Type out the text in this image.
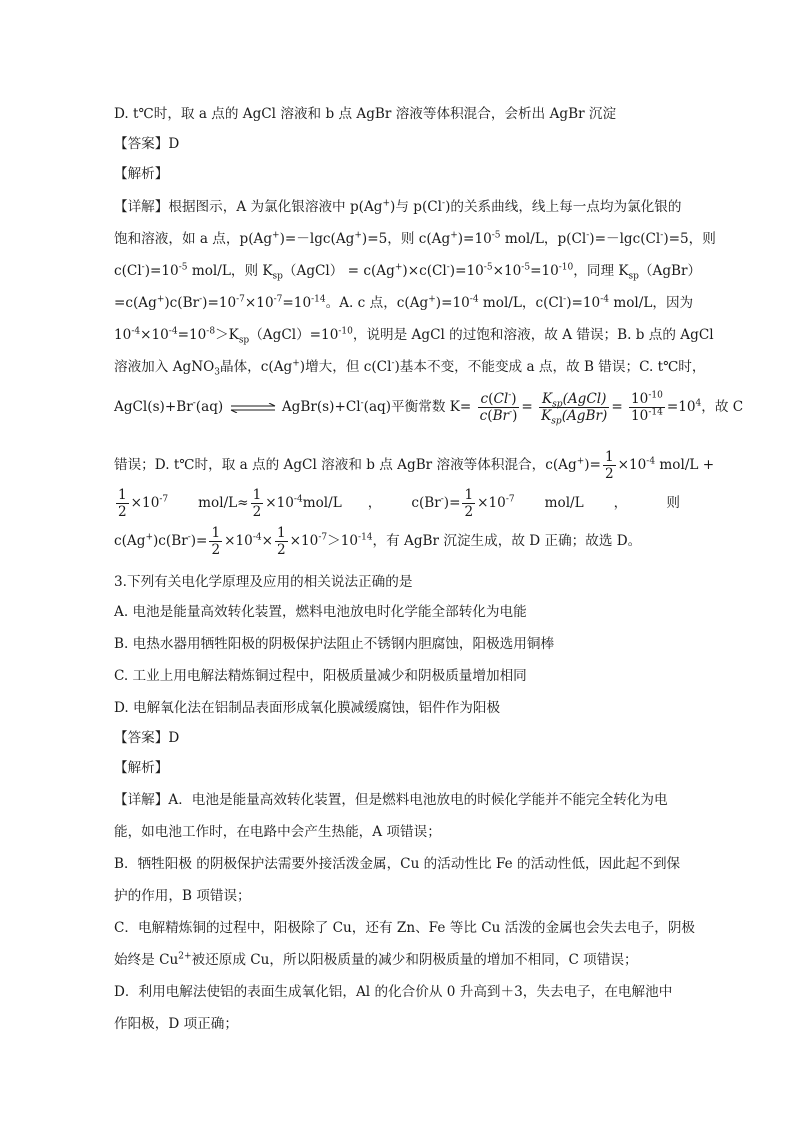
D. t℃时，取 a 点的 AgCl 溶液和 b 点 AgBr 溶液等体积混合，会析出 AgBr 沉淀
【答案】D
【解析】
【详解】根据图示，A 为氯化银溶液中 p(Ag+)与 p(Cl-)的关系曲线，线上每一点均为氯化银的
饱和溶液，如 a 点，p(Ag+)=－lgc(Ag+)=5，则 $c(Ag^+)=10^{-5}$ mol/L，p(Cl-)=－lgc(Cl-)=5，则
$c(Cl^-)=10^{-5}$ mol/L，则 $K_{sp}(AgCl) = c(Ag^+)\times c(Cl^-)=10^{-5}\times 10^{-5}=10^{-10}$，同理 $K_{sp}(AgBr)$
$=c(Ag^+)c(Br^-)=10^{-7}\times 10^{-7}=10^{-14}$。A. c 点，$c(Ag^+)=10^{-4}$ mol/L，$c(Cl^-)=10^{-4}$ mol/L，因为
$10^{-4}\times 10^{-4}=10^{-8}>K_{sp}(AgCl)=10^{-10}$，说明是 AgCl 的过饱和溶液，故 A 错误；B. b 点的 AgCl
溶液加入 AgNO$_3$晶体，c(Ag+)增大，但 c(Cl-)基本不变，不能变成 a 点，故 B 错误；C. t℃时，
AgCl(s)+Br-(aq) ⇌ AgBr(s)+Cl-(aq)平衡常数 $K= \frac{c(Cl^-)}{c(Br^-)} = \frac{K_{sp}(AgCl)}{K_{sp}(AgBr)} = \frac{10^{-10}}{10^{-14}} =10^4$，故 C
错误；D. t℃时，取 a 点的 AgCl 溶液和 b 点 AgBr 溶液等体积混合，$c(Ag^+)= \frac{1}{2} \times 10^{-4}$ mol/L +
$\frac{1}{2} \times 10^{-7}$ $mol/L\approx \frac{1}{2} \times 10^{-4}mol/L$ ， $c(Br^-)= \frac{1}{2} \times 10^{-7}$ mol/L ，	则
$c(Ag^+)c(Br^-)= \frac{1}{2} \times 10^{-4}\times \frac{1}{2} \times 10^{-7}>10^{-14}$，有 AgBr 沉淀生成，故 D 正确；故选 D。
3.下列有关电化学原理及应用的相关说法正确的是
A. 电池是能量高效转化装置，燃料电池放电时化学能全部转化为电能
B. 电热水器用牺牲阳极的阴极保护法阻止不锈钢内胆腐蚀，阳极选用铜棒
C. 工业上用电解法精炼铜过程中，阳极质量减少和阴极质量增加相同
D. 电解氧化法在铝制品表面形成氧化膜减缓腐蚀，铝件作为阳极
【答案】D
【解析】
【详解】A．电池是能量高效转化装置，但是燃料电池放电的时候化学能并不能完全转化为电
能，如电池工作时，在电路中会产生热能，A 项错误；
B．牺牲阳极 的阴极保护法需要外接活泼金属，Cu 的活动性比 Fe 的活动性低，因此起不到保
护的作用，B 项错误；
C．电解精炼铜的过程中，阳极除了 Cu，还有 Zn、Fe 等比 Cu 活泼的金属也会失去电子，阴极
始终是 $Cu^{2+}$被还原成 Cu，所以阳极质量的减少和阴极质量的增加不相同，C 项错误；
D．利用电解法使铝的表面生成氧化铝，Al 的化合价从 0 升高到＋3，失去电子，在电解池中
作阳极，D 项正确；
